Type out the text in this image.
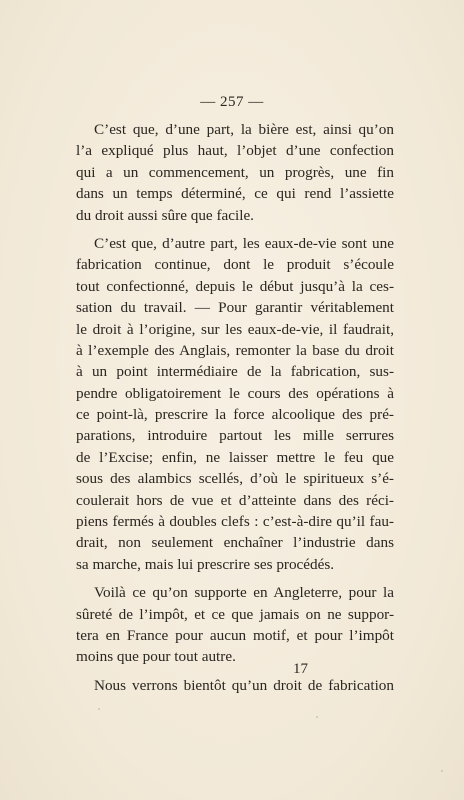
— 257 —
C’est que, d’une part, la bière est, ainsi qu’on
l’a expliqué plus haut, l’objet d’une confection
qui a un commencement, un progrès, une fin
dans un temps déterminé, ce qui rend l’assiette
du droit aussi sûre que facile.
C’est que, d’autre part, les eaux-de-vie sont une
fabrication continue, dont le produit s’écoule
tout confectionné, depuis le début jusqu’à la ces-
sation du travail. — Pour garantir véritablement
le droit à l’origine, sur les eaux-de-vie, il faudrait,
à l’exemple des Anglais, remonter la base du droit
à un point intermédiaire de la fabrication, sus-
pendre obligatoirement le cours des opérations à
ce point-là, prescrire la force alcoolique des pré-
parations, introduire partout les mille serrures
de l’Excise; enfin, ne laisser mettre le feu que
sous des alambics scellés, d’où le spiritueux s’é-
coulerait hors de vue et d’atteinte dans des réci-
piens fermés à doubles clefs : c’est-à-dire qu’il fau-
drait, non seulement enchaîner l’industrie dans
sa marche, mais lui prescrire ses procédés.
Voilà ce qu’on supporte en Angleterre, pour la
sûreté de l’impôt, et ce que jamais on ne suppor-
tera en France pour aucun motif, et pour l’impôt
moins que pour tout autre.
Nous verrons bientôt qu’un droit de fabrication
17
